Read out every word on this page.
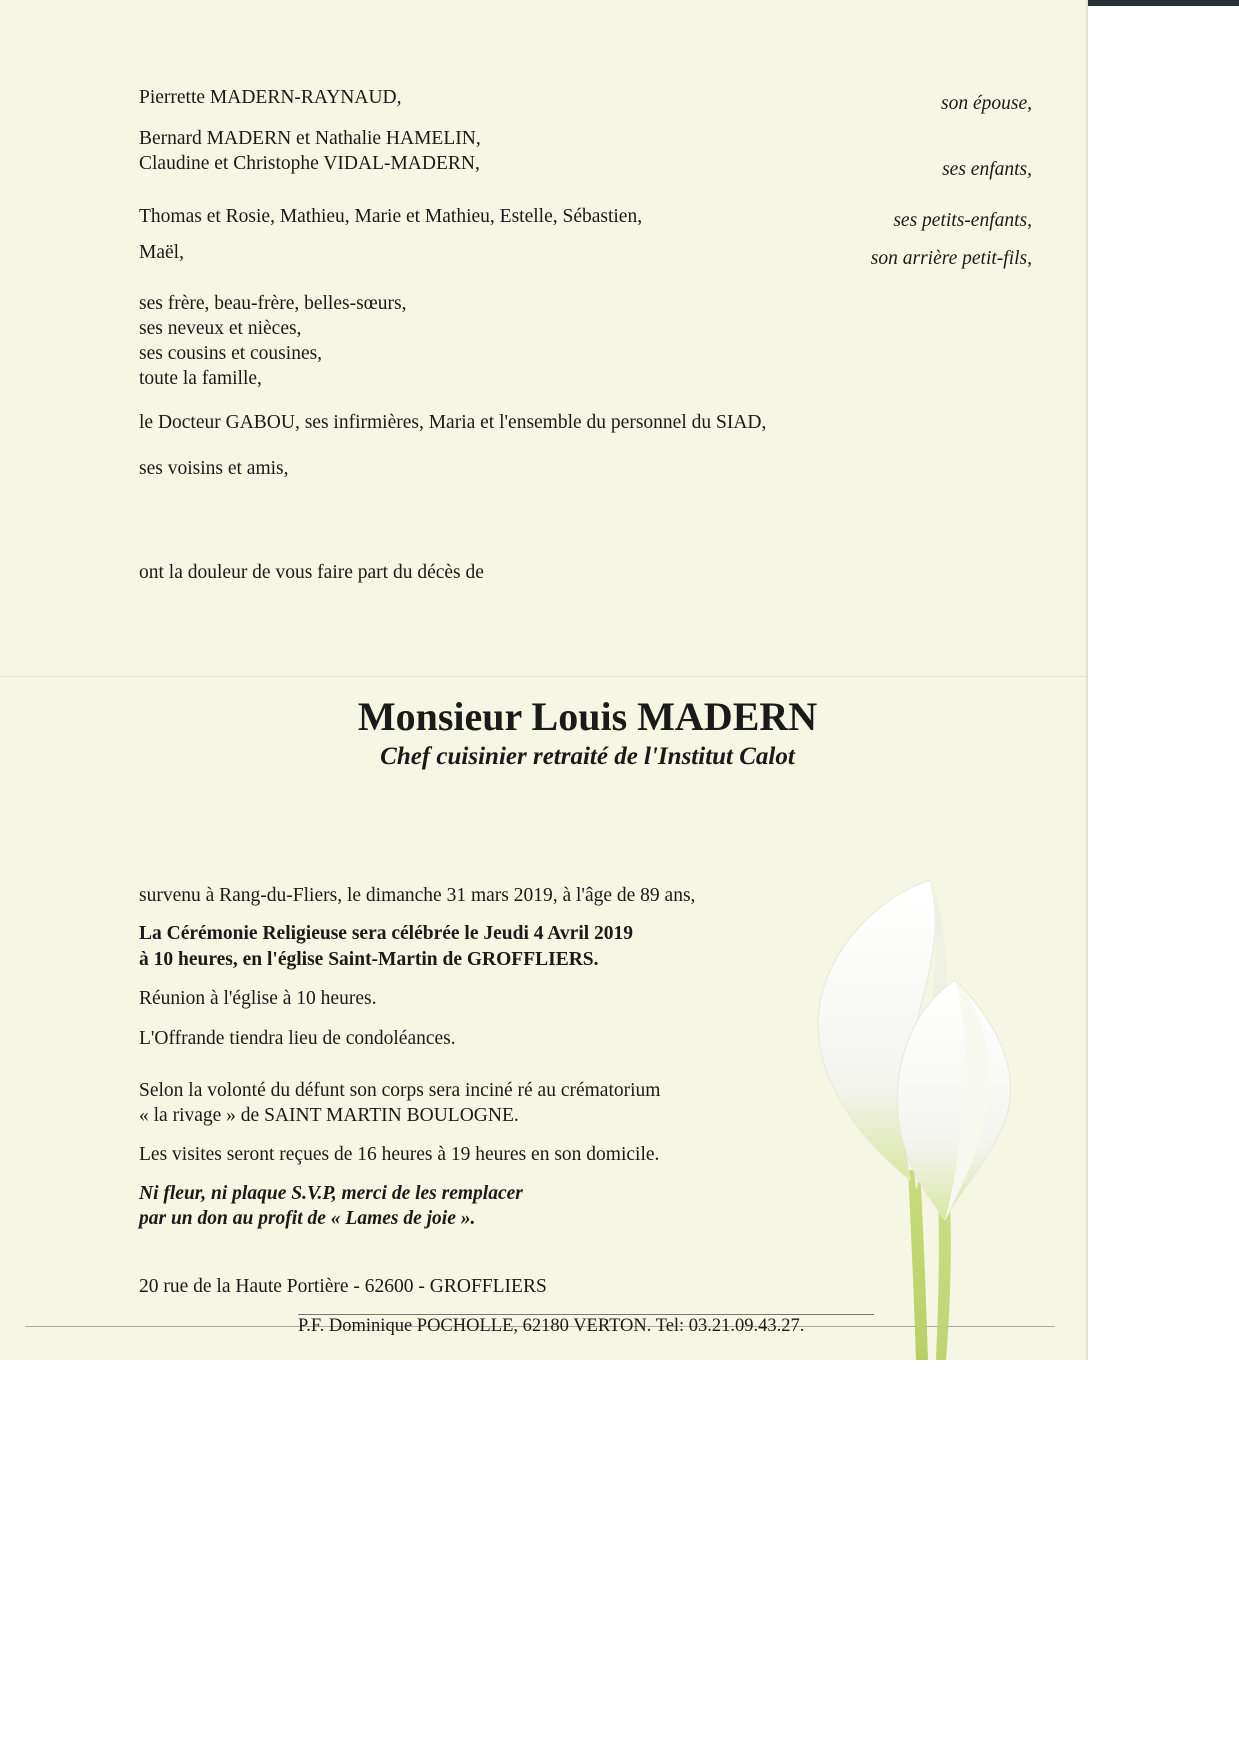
Pierrette MADERN-RAYNAUD,	son épouse,
Bernard MADERN et Nathalie HAMELIN,
Claudine et Christophe VIDAL-MADERN,	ses enfants,
Thomas et Rosie, Mathieu, Marie et Mathieu, Estelle, Sébastien,	ses petits-enfants,
Maël,	son arrière petit-fils,
ses frère, beau-frère, belles-sœurs,
ses neveux et nièces,
ses cousins et cousines,
toute la famille,
le Docteur GABOU, ses infirmières, Maria et l'ensemble du personnel du SIAD,
ses voisins et amis,
ont la douleur de vous faire part du décès de
Monsieur Louis MADERN
Chef cuisinier retraité de l'Institut Calot
survenu à Rang-du-Fliers, le dimanche 31 mars 2019, à l'âge de 89 ans,
La Cérémonie Religieuse sera célébrée le Jeudi 4 Avril 2019
à 10 heures, en l'église Saint-Martin de GROFFLIERS.
Réunion à l'église à 10 heures.
L'Offrande tiendra lieu de condoléances.
Selon la volonté du défunt son corps sera inciné ré au crématorium
« la rivage » de SAINT MARTIN BOULOGNE.
Les visites seront reçues de 16 heures à 19 heures en son domicile.
Ni fleur, ni plaque S.V.P, merci de les remplacer
par un don au profit de « Lames de joie ».
20 rue de la Haute Portière - 62600 - GROFFLIERS
P.F. Dominique POCHOLLE, 62180 VERTON. Tel: 03.21.09.43.27.
